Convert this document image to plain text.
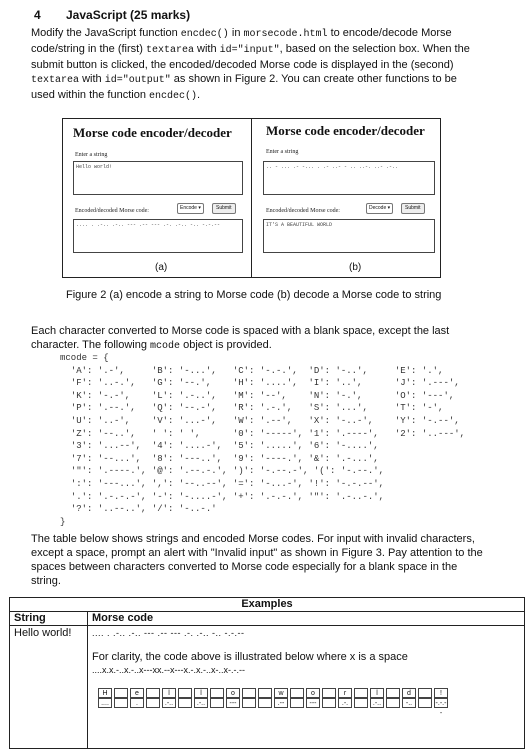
4 JavaScript (25 marks)
Modify the JavaScript function encdec() in morsecode.html to encode/decode Morse
code/string in the (first) textarea with id="input", based on the selection box. When the
submit button is clicked, the encoded/decoded Morse code is displayed in the (second)
textarea with id="output" as shown in Figure 2. You can create other functions to be
used within the function encdec().
Morse code encoder/decoder
Enter a string
Hello world!
Encoded/decoded Morse code:	Encode ▾	Submit
.... . .-.. .-.. --- .-- --- .-. .-.. -.. -.-.--
(a)
Morse code encoder/decoder
Enter a string
.. - ... .- -... . .- ..- - .. ..-. ..- .-..
Encoded/decoded Morse code:	Decode ▾	Submit
IT'S A BEAUTIFUL WORLD
(b)
Figure 2 (a) encode a string to Morse code (b) decode a Morse code to string
Each character converted to Morse code is spaced with a blank space, except the last
character. The following mcode object is provided.
mcode = {
'A': '.-',     'B': '-...',   'C': '-.-.',  'D': '-..',     'E': '.',
'F': '..-.',   'G': '--.',    'H': '....',  'I': '..',      'J': '.---',
'K': '-.-',    'L': '.-..',   'M': '--',    'N': '-.',      'O': '---',
'P': '.--.',   'Q': '--.-',   'R': '.-.',   'S': '...',     'T': '-',
'U': '..-',    'V': '...-',   'W': '.--',   'X': '-..-',    'Y': '-.--',
'Z': '--..',   ' ': ' ',      '0': '-----', '1': '.----',   '2': '..---',
'3': '...--',  '4': '....-',  '5': '.....', '6': '-....',
'7': '--...',  '8': '---..',  '9': '----.', '&': '.-...',
'"': '.----.', '@': '.--.-.', ')': '-.--.-', '(': '-.--.',
':': '---...', ',': '--..--', '=': '-...-', '!': '-.-.--',
'.': '.-.-.-', '-': '-....-', '+': '.-.-.', '"': '.-..-.',
'?': '..--..', '/': '-..-.'
}
The table below shows strings and encoded Morse codes. For input with invalid characters,
except a space, prompt an alert with "Invalid input" as shown in Figure 3. Pay attention to the
spaces between characters converted to Morse code especially for a blank space in the
string.
Examples
String	Morse code
Hello world! .... . .-.. .-.. --- .-- --- .-. .-.. -.. -.-.--
For clarity, the code above is illustrated below where x is a space
....x.x.-..x.-..x---xx.--x---x.-.x.-..x-..x-.-.--
H	e	l	l	o	w	o	r	l	d	!
....	.	.-..	.-..	---	.--	---	.-.	.-..	-..	-.-.--
